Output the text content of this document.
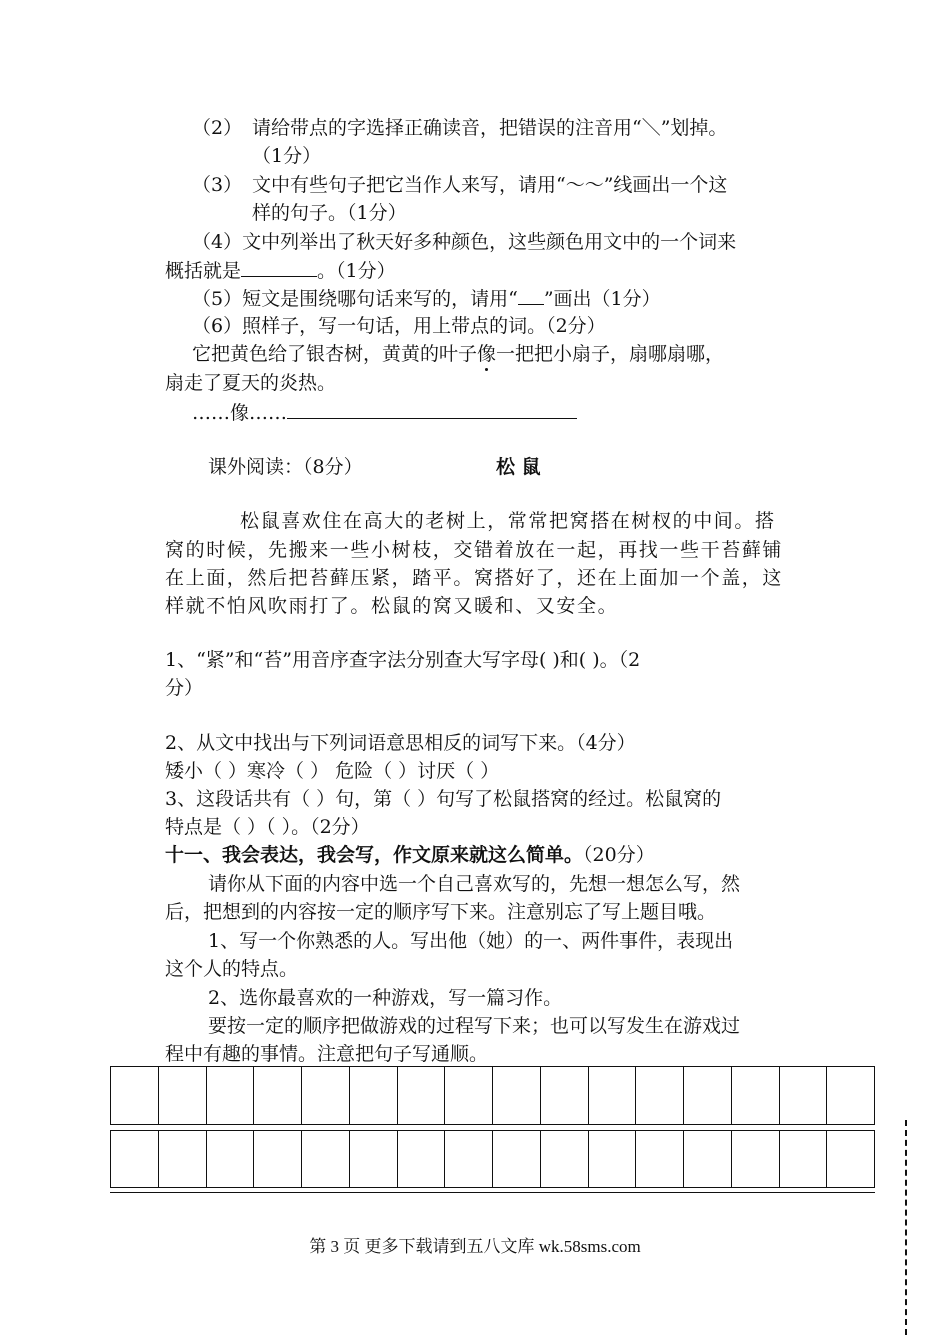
（2） 请给带点的字选择正确读音，把错误的注音用“＼”划掉。
（1分）
（3） 文中有些句子把它当作人来写，请用“～～”线画出一个这
样的句子。（1分）
（4）文中列举出了秋天好多种颜色，这些颜色用文中的一个词来
概括就是	。（1分）
（5）短文是围绕哪句话来写的，请用“ ”画出（1分）
（6）照样子，写一句话，用上带点的词。（2分）
它把黄色给了银杏树，黄黄的叶子像
一把把小扇子，扇哪扇哪，
扇走了夏天的炎热。
……像……
课外阅读：（8分）	松 鼠
松鼠喜欢住在高大的老树上，常常把窝搭在树杈的中间。搭
窝的时候，先搬来一些小树枝，交错着放在一起，再找一些干苔藓铺
在上面，然后把苔藓压紧，踏平。窝搭好了，还在上面加一个盖，这
样就不怕风吹雨打了。松鼠的窝又暖和、又安全。
1、“紧”和“苔”用音序查字法分别查大写字母( )和( )。（2
分）
2、从文中找出与下列词语意思相反的词写下来。（4分）
矮小（ ）寒冷（ ） 危险（ ）讨厌（ ）
3、这段话共有（ ）句，第（ ）句写了松鼠搭窝的经过。松鼠窝的
特点是（ ）（ ）。（2分）
十一、我会表达，我会写，作文原来就这么简单。（20分）
请你从下面的内容中选一个自己喜欢写的，先想一想怎么写，然
后，把想到的内容按一定的顺序写下来。注意别忘了写上题目哦。
1、写一个你熟悉的人。写出他（她）的一、两件事件，表现出
这个人的特点。
2、选你最喜欢的一种游戏，写一篇习作。
要按一定的顺序把做游戏的过程写下来；也可以写发生在游戏过
程中有趣的事情。注意把句子写通顺。
第 3 页 更多下载请到五八文库 wk.58sms.com
